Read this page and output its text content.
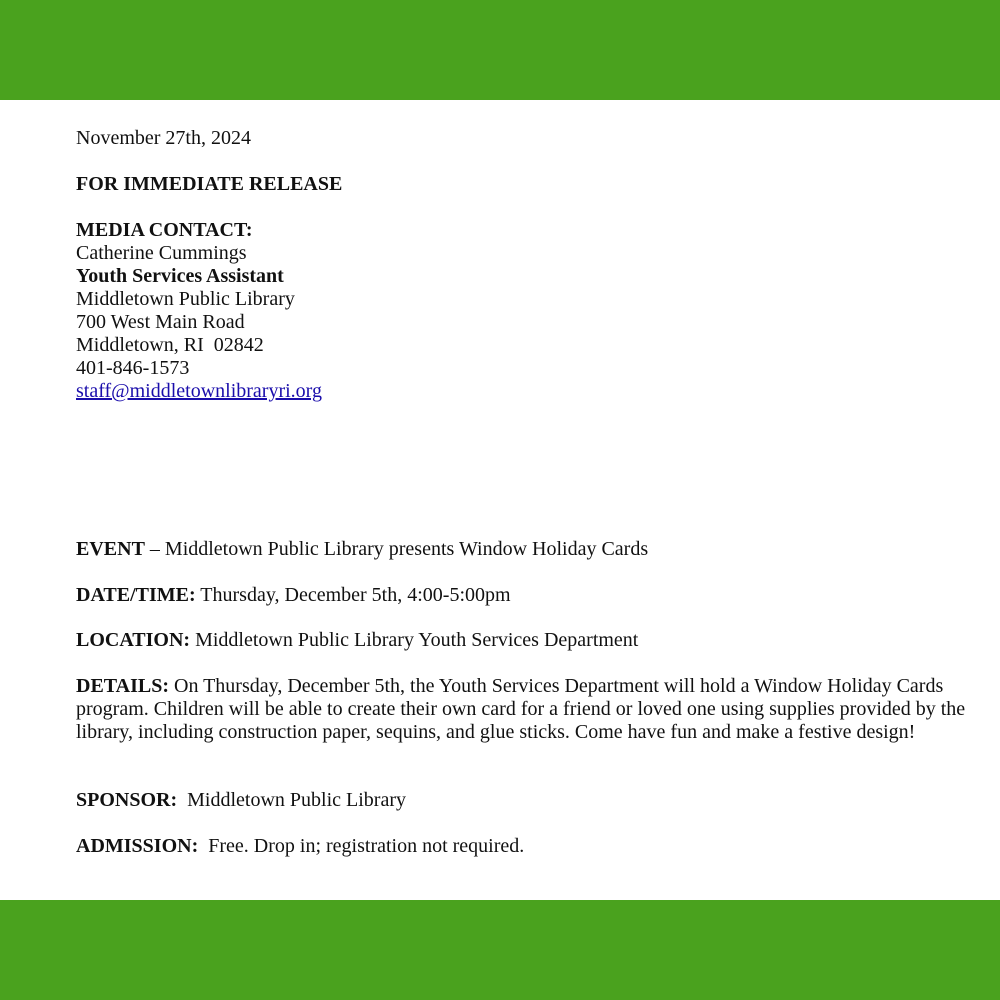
November 27th, 2024

FOR IMMEDIATE RELEASE

MEDIA CONTACT:
Catherine Cummings
Youth Services Assistant
Middletown Public Library
700 West Main Road
Middletown, RI  02842
401-846-1573
staff@middletownlibraryri.org

EVENT – Middletown Public Library presents Window Holiday Cards

DATE/TIME: Thursday, December 5th, 4:00-5:00pm

LOCATION: Middletown Public Library Youth Services Department

DETAILS: On Thursday, December 5th, the Youth Services Department will hold a Window Holiday Cards program. Children will be able to create their own card for a friend or loved one using supplies provided by the library, including construction paper, sequins, and glue sticks. Come have fun and make a festive design!

SPONSOR:  Middletown Public Library

ADMISSION:  Free. Drop in; registration not required.
